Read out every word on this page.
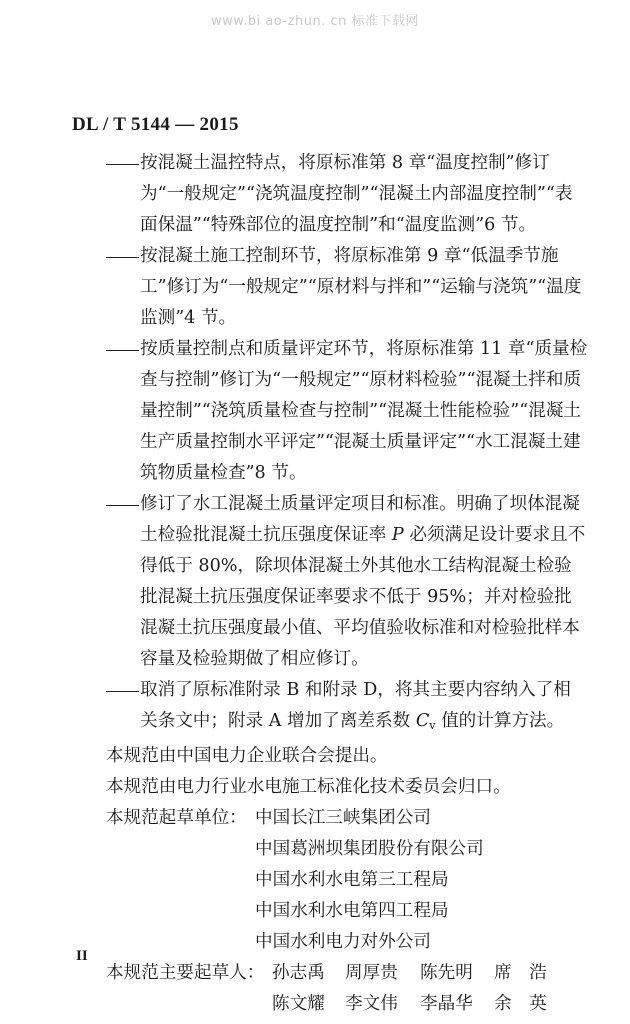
www.bi ao-zhun. cn 标准下载网
DL / T 5144 — 2015
按混凝土温控特点，将原标准第 8 章“温度控制”修订为“一般规定”“浇筑温度控制”“混凝土内部温度控制”“表面保温”“特殊部位的温度控制”和“温度监测”6 节。
按混凝土施工控制环节，将原标准第 9 章“低温季节施工”修订为“一般规定”“原材料与拌和”“运输与浇筑”“温度监测”4 节。
按质量控制点和质量评定环节，将原标准第 11 章“质量检查与控制”修订为“一般规定”“原材料检验”“混凝土拌和质量控制”“浇筑质量检查与控制”“混凝土性能检验”“混凝土生产质量控制水平评定”“混凝土质量评定”“水工混凝土建筑物质量检查”8 节。
修订了水工混凝土质量评定项目和标准。明确了坝体混凝土检验批混凝土抗压强度保证率 P 必须满足设计要求且不得低于 80%，除坝体混凝土外其他水工结构混凝土检验批混凝土抗压强度保证率要求不低于 95%；并对检验批混凝土抗压强度最小值、平均值验收标准和对检验批样本容量及检验期做了相应修订。
取消了原标准附录 B 和附录 D，将其主要内容纳入了相关条文中；附录 A 增加了离差系数 $C_v$ 值的计算方法。
本规范由中国电力企业联合会提出。
本规范由电力行业水电施工标准化技术委员会归口。
本规范起草单位： 中国长江三峡集团公司
中国葛洲坝集团股份有限公司
中国水利水电第三工程局
中国水利水电第四工程局
中国水利电力对外公司
本规范主要起草人： 孙志禹 周厚贵 陈先明 席　浩
陈文耀 李文伟 李晶华 余　英
II
